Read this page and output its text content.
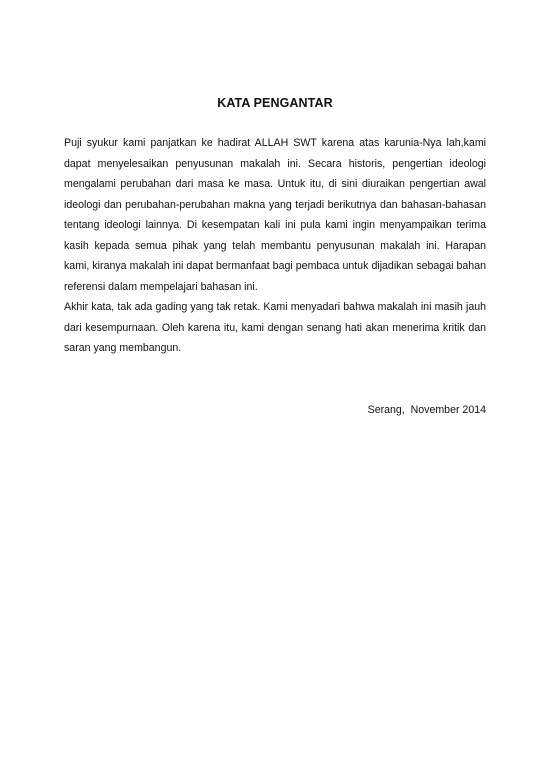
KATA PENGANTAR

Puji syukur kami panjatkan ke hadirat ALLAH SWT karena atas karunia-Nya lah,kami dapat menyelesaikan penyusunan makalah ini. Secara historis, pengertian ideologi mengalami perubahan dari masa ke masa. Untuk itu, di sini diuraikan pengertian awal ideologi dan perubahan-perubahan makna yang terjadi berikutnya dan bahasan-bahasan tentang ideologi lainnya. Di kesempatan kali ini pula kami ingin menyampaikan terima kasih kepada semua pihak yang telah membantu penyusunan makalah ini. Harapan kami, kiranya makalah ini dapat bermanfaat bagi pembaca untuk dijadikan sebagai bahan referensi dalam mempelajari bahasan ini.

Akhir kata, tak ada gading yang tak retak. Kami menyadari bahwa makalah ini masih jauh dari kesempurnaan. Oleh karena itu, kami dengan senang hati akan menerima kritik dan saran yang membangun.

Serang,  November 2014
